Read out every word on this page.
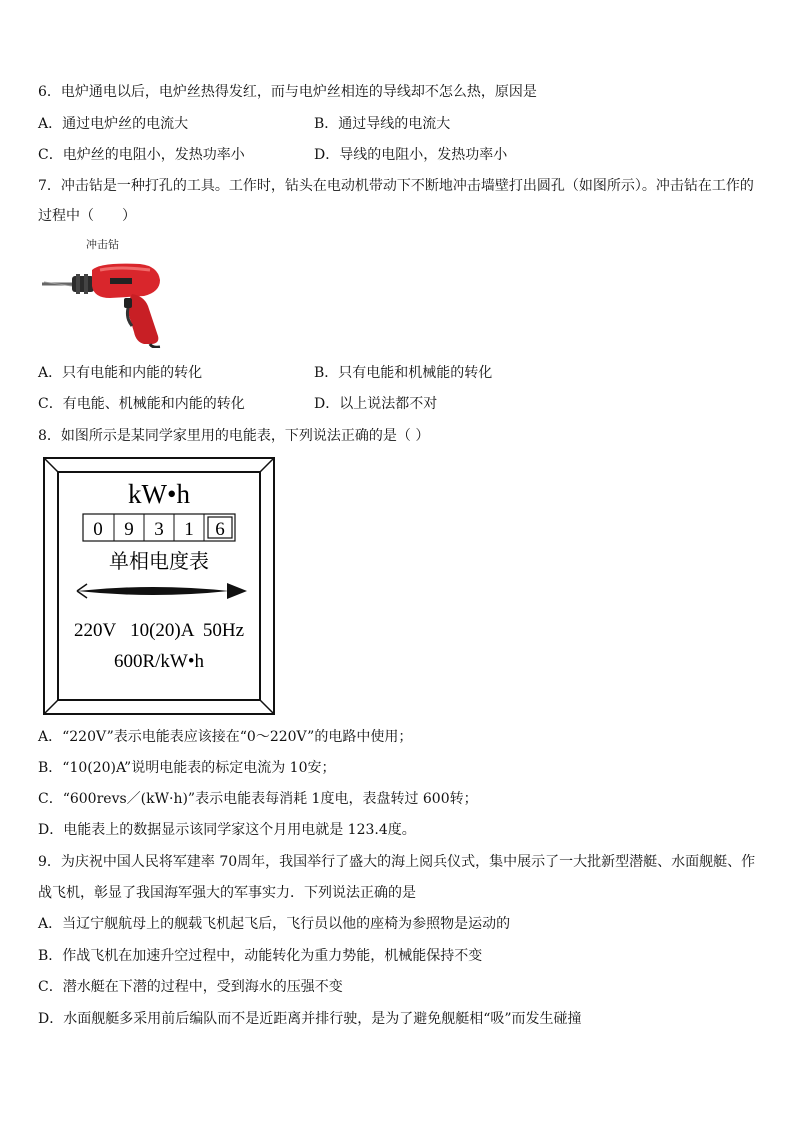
6．电炉通电以后，电炉丝热得发红，而与电炉丝相连的导线却不怎么热，原因是
A．通过电炉丝的电流大	B．通过导线的电流大
C．电炉丝的电阻小，发热功率小	D．导线的电阻小，发热功率小
7．冲击钻是一种打孔的工具。工作时，钻头在电动机带动下不断地冲击墙壁打出圆孔（如图所示）。冲击钻在工作的
过程中（　　）
冲击钻
A．只有电能和内能的转化	B．只有电能和机械能的转化
C．有电能、机械能和内能的转化	D．以上说法都不对
8．如图所示是某同学家里用的电能表，下列说法正确的是（ ）
kW•h
0 9 3 1 6
单相电度表
220V   10(20)A  50Hz
600R/kW•h
A．“220V”表示电能表应该接在“0～220V”的电路中使用；
B．“10(20)A”说明电能表的标定电流为 10安；
C．“600revs／(kW·h)”表示电能表每消耗 1度电，表盘转过 600转；
D．电能表上的数据显示该同学家这个月用电就是 123.4度。
9．为庆祝中国人民将军建率 70周年，我国举行了盛大的海上阅兵仪式，集中展示了一大批新型潜艇、水面舰艇、作
战飞机，彰显了我国海军强大的军事实力．下列说法正确的是
A．当辽宁舰航母上的舰载飞机起飞后，飞行员以他的座椅为参照物是运动的
B．作战飞机在加速升空过程中，动能转化为重力势能，机械能保持不变
C．潜水艇在下潜的过程中，受到海水的压强不变
D．水面舰艇多采用前后编队而不是近距离并排行驶，是为了避免舰艇相“吸”而发生碰撞
